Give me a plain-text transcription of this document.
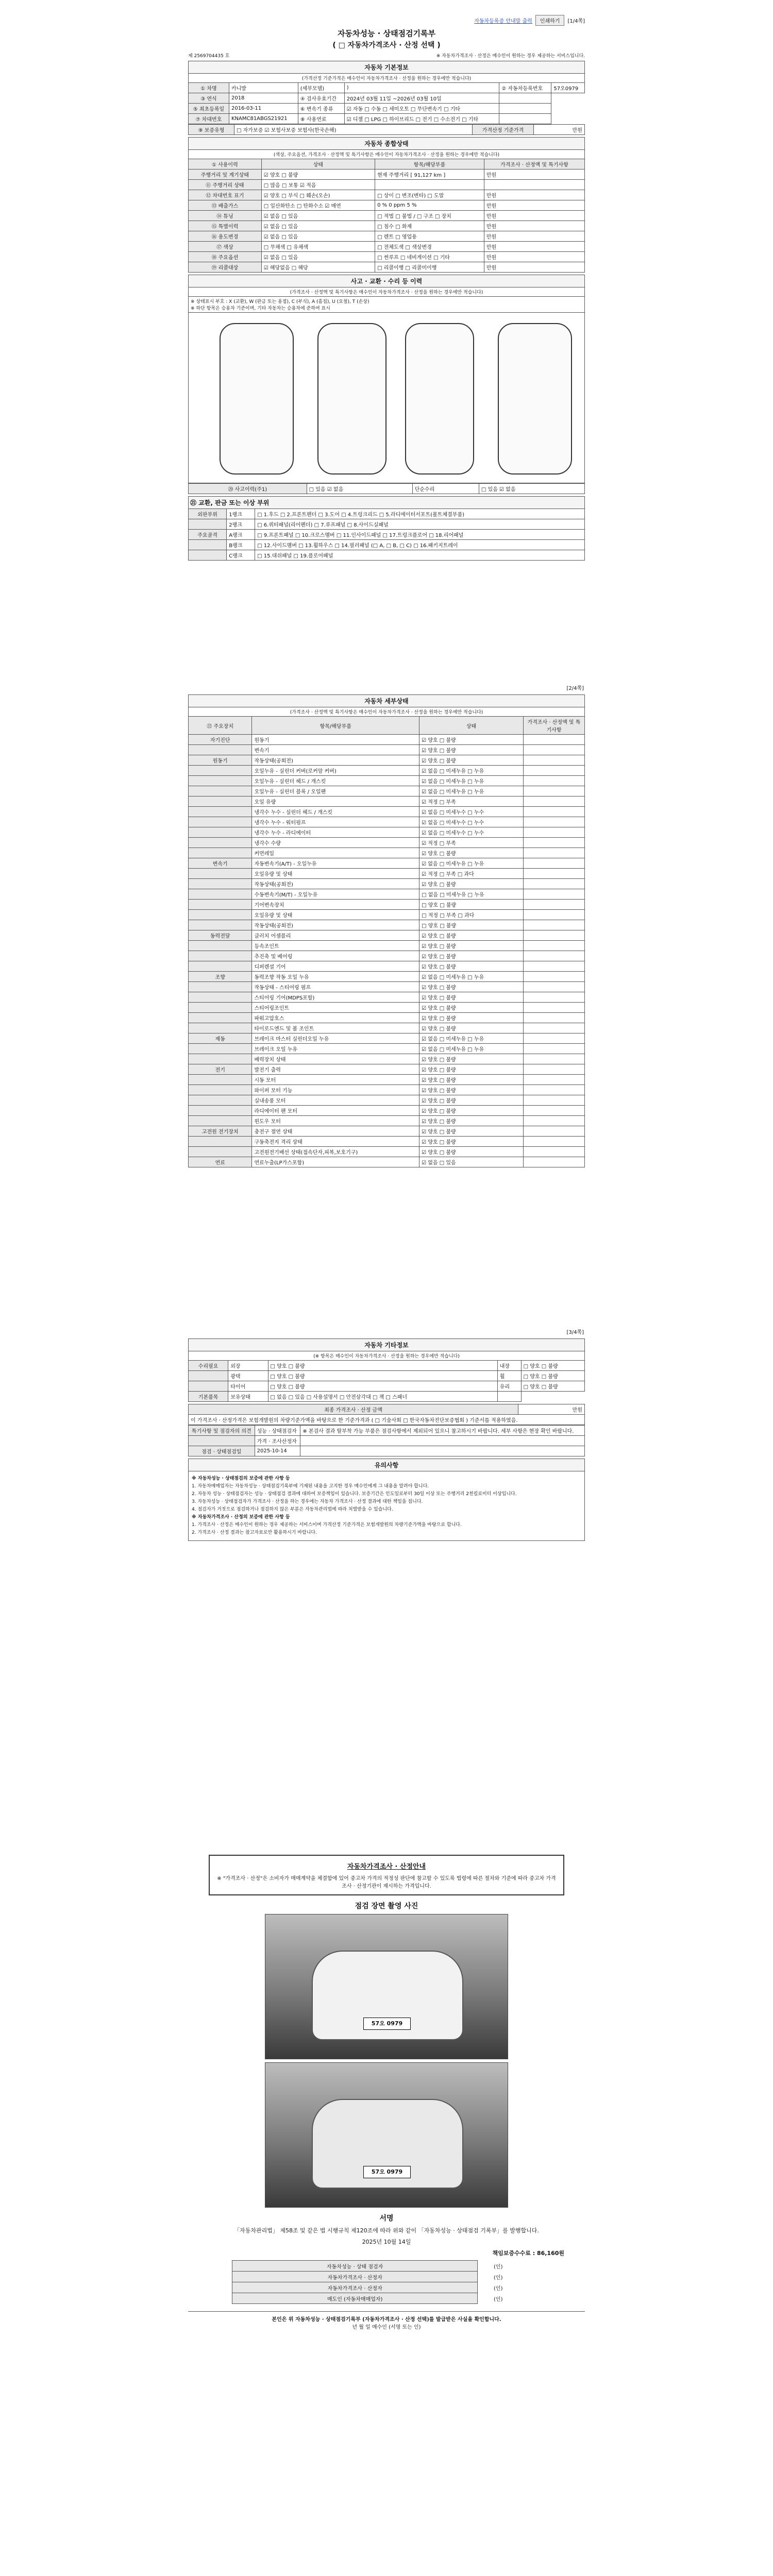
자동차등록증 안내말 출력	인쇄하기	[1/4쪽]
자동차성능 · 상태점검기록부
( □ 자동차가격조사 · 산정 선택 )
제 2569704435 호	※ 자동차가격조사 · 산정은 매수인이 원하는 경우 제공하는 서비스입니다.
자동차 기본정보
(가격산정 기준가격은 매수인이 자동차가격조사 · 산정을 원하는 경우에만 적습니다)
① 차명	카니발	(세부모델)	)	② 자동차등록번호	57오0979
③ 연식	2018	④ 검사유효기간	2024년 03월 11일 ~2026년 03월 10일		
⑤ 최초등록일	2016-03-11	⑥ 변속기 종류	☑ 자동 □ 수동 □ 세미오토 □ 무단변속기 □ 기타		
⑦ 차대번호	KNAMC81ABGS21921	⑧ 사용연료	☑ 디젤 □ LPG □ 하이브리드 □ 전기 □ 수소전기 □ 기타		
⑨ 보증유형	□ 자가보증 ☑ 보험사보증 보험사(한국손해)	가격산정 기준가격	만원
자동차 종합상태
(색상, 주요옵션, 가격조사 · 산정액 및 특기사항은 매수인이 자동차가격조사 · 산정을 원하는 경우에만 적습니다)
① 사용이력	상태	항목/해당부품	가격조사 · 산정액 및 특기사항
주행거리 및 계기상태	☑ 양호 □ 불량	현재 주행거리 [ 91,127 km ]	만원
⑪ 주행거리 상태	□ 많음 □ 보통 ☑ 적음		
⑫ 차대번호 표기	☑ 양호 □ 부식 □ 훼손(오손)	□ 상이 □ 변조(변타) □ 도말	만원
⑬ 배출가스	□ 일산화탄소 □ 탄화수소 ☑ 매연	0 % 0 ppm 5 %	만원
⑭ 튜닝	☑ 없음 □ 있음	□ 적법 □ 불법 / □ 구조 □ 장치	만원
⑮ 특별이력	☑ 없음 □ 있음	□ 침수 □ 화재	만원
⑯ 용도변경	☑ 없음 □ 있음	□ 렌트 □ 영업용	만원
⑰ 색상	□ 무채색 □ 유채색	□ 전체도색 □ 색상변경	만원
⑱ 주요옵션	☑ 없음 □ 있음	□ 썬루프 □ 네비게이션 □ 기타	만원
⑲ 리콜대상	☑ 해당없음 □ 해당	□ 리콜이행 □ 리콜미이행	만원
사고 · 교환 · 수리 등 이력
(가격조사 · 산정액 및 특기사항은 매수인이 자동차가격조사 · 산정을 원하는 경우에만 적습니다)
※ 상태표시 부호 : X (교환), W (판금 또는 용접), C (부식), A (흠집), U (요철), T (손상)
※ 하단 항목은 승용차 기준이며, 기타 자동차는 승용차에 준하여 표시
⑳ 사고이력(주1)	□ 있음 ☑ 없음	단순수리	□ 있음 ☑ 없음
㉑ 교환, 판금 또는 이상 부위
외판부위	1랭크	□ 1.후드 □ 2.프론트펜더 □ 3.도어 □ 4.트렁크리드 □ 5.라디에이터서포트(볼트체결부품)
	2랭크	□ 6.쿼터패널(리어펜더) □ 7.루프패널 □ 8.사이드실패널
주요골격	A랭크	□ 9.프론트패널 □ 10.크로스멤버 □ 11.인사이드패널 □ 17.트렁크플로어 □ 18.리어패널
	B랭크	□ 12.사이드멤버 □ 13.휠하우스 □ 14.필러패널 (□ A, □ B, □ C) □ 16.패키지트레이
	C랭크	□ 15.대쉬패널 □ 19.플로어패널
[2/4쪽]
자동차 세부상태
(가격조사 · 산정액 및 특기사항은 매수인이 자동차가격조사 · 산정을 원하는 경우에만 적습니다)
㉒ 주요장치	항목/해당부품	상태	가격조사 · 산정액 및 특기사항
자기진단	원동기	☑ 양호 □ 불량	
	변속기	☑ 양호 □ 불량	
원동기	작동상태(공회전)	☑ 양호 □ 불량	
	오일누유 - 실린더 커버(로커암 커버)	☑ 없음 □ 미세누유 □ 누유	
	오일누유 - 실린더 헤드 / 개스킷	☑ 없음 □ 미세누유 □ 누유	
	오일누유 - 실린더 블록 / 오일팬	☑ 없음 □ 미세누유 □ 누유	
	오일 유량	☑ 적정 □ 부족	
	냉각수 누수 - 실린더 헤드 / 개스킷	☑ 없음 □ 미세누수 □ 누수	
	냉각수 누수 - 워터펌프	☑ 없음 □ 미세누수 □ 누수	
	냉각수 누수 - 라디에이터	☑ 없음 □ 미세누수 □ 누수	
	냉각수 수량	☑ 적정 □ 부족	
	커먼레일	☑ 양호 □ 불량	
변속기	자동변속기(A/T) - 오일누유	☑ 없음 □ 미세누유 □ 누유	
	오일유량 및 상태	☑ 적정 □ 부족 □ 과다	
	작동상태(공회전)	☑ 양호 □ 불량	
	수동변속기(M/T) - 오일누유	□ 없음 □ 미세누유 □ 누유	
	기어변속장치	□ 양호 □ 불량	
	오일유량 및 상태	□ 적정 □ 부족 □ 과다	
	작동상태(공회전)	□ 양호 □ 불량	
동력전달	클러치 어셈블리	☑ 양호 □ 불량	
	등속조인트	☑ 양호 □ 불량	
	추진축 및 베어링	☑ 양호 □ 불량	
	디퍼렌셜 기어	☑ 양호 □ 불량	
조향	동력조향 작동 오일 누유	☑ 없음 □ 미세누유 □ 누유	
	작동상태 - 스티어링 펌프	☑ 양호 □ 불량	
	스티어링 기어(MDPS포함)	☑ 양호 □ 불량	
	스티어링조인트	☑ 양호 □ 불량	
	파워고압호스	☑ 양호 □ 불량	
	타이로드엔드 및 볼 조인트	☑ 양호 □ 불량	
제동	브레이크 마스터 실린더오일 누유	☑ 없음 □ 미세누유 □ 누유	
	브레이크 오일 누유	☑ 없음 □ 미세누유 □ 누유	
	배력장치 상태	☑ 양호 □ 불량	
전기	발전기 출력	☑ 양호 □ 불량	
	시동 모터	☑ 양호 □ 불량	
	와이퍼 모터 기능	☑ 양호 □ 불량	
	실내송풍 모터	☑ 양호 □ 불량	
	라디에이터 팬 모터	☑ 양호 □ 불량	
	윈도우 모터	☑ 양호 □ 불량	
고전원 전기장치	충전구 절연 상태	☑ 양호 □ 불량	
	구동축전지 격리 상태	☑ 양호 □ 불량	
	고전원전기배선 상태(접속단자,피복,보호기구)	☑ 양호 □ 불량	
연료	연료누출(LP가스포함)	☑ 없음 □ 있음	
[3/4쪽]
자동차 기타정보
(※ 항목은 매수인이 자동차가격조사 · 산정을 원하는 경우에만 적습니다)
수리필요	외장	□ 양호 □ 불량	내장	□ 양호 □ 불량
	광택	□ 양호 □ 불량	휠	□ 양호 □ 불량
	타이어	□ 양호 □ 불량	유리	□ 양호 □ 불량
기본품목	보유상태	□ 없음 □ 있음 □ 사용설명서 □ 안전삼각대 □ 잭 □ 스패너		
최종 가격조사 · 산정 금액	만원
이 가격조사 · 산정가격은 보험개발원의 차량기준가액을 바탕으로 한 기준가격과 ( □ 기술사회 □ 한국자동차진단보증협회 ) 기준서를 적용하였음.
특기사항 및 점검자의 의견	성능 · 상태점검자	※ 본검사 결과 탈부착 가능 부품은 점검사항에서 제외되어 있으니 참고하시기 바랍니다. 세부 사항은 현장 확인 바랍니다.
	가격 · 조사산정자	
점검 · 상태점검일	2025-10-14	
유의사항

※ 자동차성능 · 상태점검의 보증에 관한 사항 등

1. 자동차매매업자는 자동차성능 · 상태점검기록부에 기재된 내용을 고지한 경우 매수인에게 그 내용을 알려야 합니다.

2. 자동차 성능 · 상태점검자는 성능 · 상태점검 결과에 대하여 보증책임이 있습니다. 보증기간은 인도일로부터 30일 이상 또는 주행거리 2천킬로미터 이상입니다.

3. 자동차성능 · 상태점검자가 가격조사 · 산정을 하는 경우에는 자동차 가격조사 · 산정 결과에 대한 책임을 집니다.

4. 점검자가 거짓으로 점검하거나 점검하지 않은 부분은 자동차관리법에 따라 처벌받을 수 있습니다.

※ 자동차가격조사 · 산정의 보증에 관한 사항 등

1. 가격조사 · 산정은 매수인이 원하는 경우 제공하는 서비스이며 가격산정 기준가격은 보험개발원의 차량기준가액을 바탕으로 합니다.

2. 가격조사 · 산정 결과는 참고자료로만 활용하시기 바랍니다.

자동차가격조사 · 산정안내

※ "가격조사 · 산정"은 소비자가 매매계약을 체결함에 있어 중고차 가격의 적정성 판단에 참고할 수 있도록 법령에 따른 절차와 기준에 따라 중고차 가격조사 · 산정기관이 제시하는 가격입니다.

점검 장면 촬영 사진
57오 0979
57오 0979
서명
「자동차관리법」 제58조 및 같은 법 시행규칙 제120조에 따라 위와 같이 「자동차성능 · 상태점검 기록부」를 발행합니다.
2025년 10월 14일
책임보증수수료 : 86,160원
자동차성능 · 상태 점검자		(인)
자동차가격조사 · 산정자		(인)
자동차가격조사 · 산정자		(인)
매도인 (자동차매매업자)		(인)
본인은 위 자동차성능 · 상태점검기록부 (자동차가격조사 · 산정 선택)를 발급받은 사실을 확인합니다.
년 월 일 매수인 (서명 또는 인)
